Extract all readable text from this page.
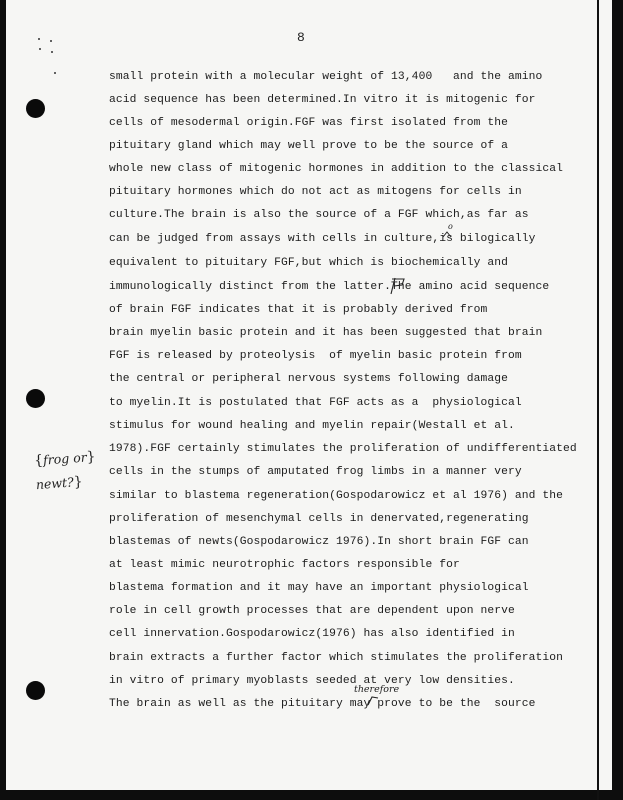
8
small protein with a molecular weight of 13,400   and the amino
acid sequence has been determined.In vitro it is mitogenic for
cells of mesodermal origin.FGF was first isolated from the
pituitary gland which may well prove to be the source of a
whole new class of mitogenic hormones in addition to the classical
pituitary hormones which do not act as mitogens for cells in
culture.The brain is also the source of a FGF which,as far as
can be judged from assays with cells in culture,is bilogically
equivalent to pituitary FGF,but which is biochemically and
immunologically distinct from the latter.The amino acid sequence
of brain FGF indicates that it is probably derived from
brain myelin basic protein and it has been suggested that brain
FGF is released by proteolysis  of myelin basic protein from
the central or peripheral nervous systems following damage
to myelin.It is postulated that FGF acts as a  physiological
stimulus for wound healing and myelin repair(Westall et al.
1978).FGF certainly stimulates the proliferation of undifferentiated
cells in the stumps of amputated frog limbs in a manner very
similar to blastema regeneration(Gospodarowicz et al 1976) and the
proliferation of mesenchymal cells in denervated,regenerating
blastemas of newts(Gospodarowicz 1976).In short brain FGF can
at least mimic neurotrophic factors responsible for
blastema formation and it may have an important physiological
role in cell growth processes that are dependent upon nerve
cell innervation.Gospodarowicz(1976) has also identified in
brain extracts a further factor which stimulates the proliferation
in vitro of primary myoblasts seeded at very low densities.
The brain as well as the pituitary may prove to be the  source
{frog or}
newt?}
therefore
o
